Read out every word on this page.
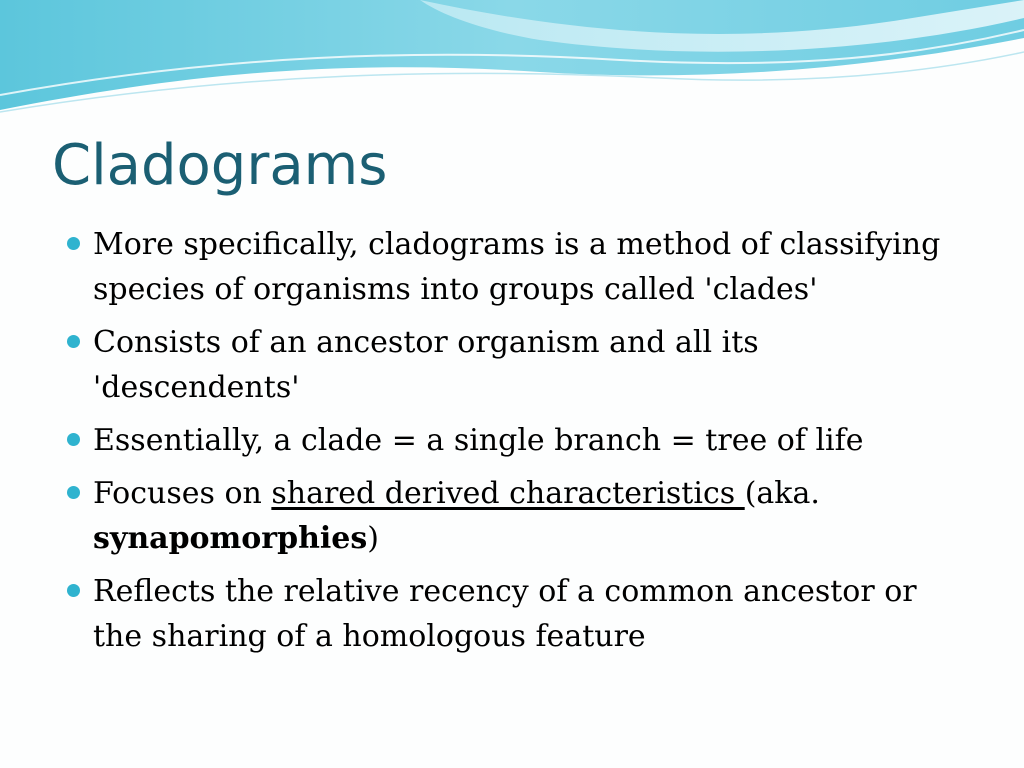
Cladograms
More specifically, cladograms is a method of classifying species of organisms into groups called 'clades'
Consists of an ancestor organism and all its 'descendents'
Essentially, a clade = a single branch = tree of life
Focuses on shared derived characteristics (aka. synapomorphies)
Reflects the relative recency of a common ancestor or the sharing of a homologous feature
